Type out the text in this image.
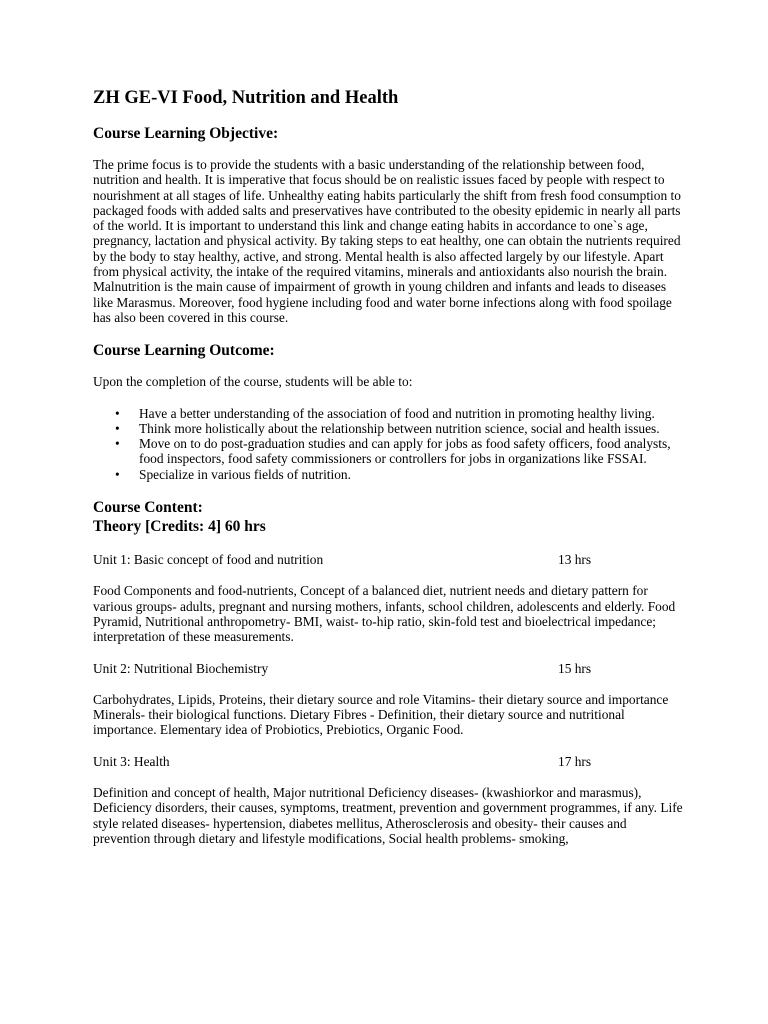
ZH GE-VI Food, Nutrition and Health
Course Learning Objective:

The prime focus is to provide the students with a basic understanding of the relationship between food, nutrition and health. It is imperative that focus should be on realistic issues faced by people with respect to nourishment at all stages of life. Unhealthy eating habits particularly the shift from fresh food consumption to packaged foods with added salts and preservatives have contributed to the obesity epidemic in nearly all parts of the world. It is important to understand this link and change eating habits in accordance to one`s age, pregnancy, lactation and physical activity. By taking steps to eat healthy, one can obtain the nutrients required by the body to stay healthy, active, and strong. Mental health is also affected largely by our lifestyle. Apart from physical activity, the intake of the required vitamins, minerals and antioxidants also nourish the brain. Malnutrition is the main cause of impairment of growth in young children and infants and leads to diseases like Marasmus. Moreover, food hygiene including food and water borne infections along with food spoilage has also been covered in this course.

Course Learning Outcome:

Upon the completion of the course, students will be able to:

• Have a better understanding of the association of food and nutrition in promoting healthy living.
• Think more holistically about the relationship between nutrition science, social and health issues.
• Move on to do post-graduation studies and can apply for jobs as food safety officers, food analysts, food inspectors, food safety commissioners or controllers for jobs in organizations like FSSAI.
• Specialize in various fields of nutrition.
Course Content:
Theory [Credits: 4] 60 hrs
Unit 1: Basic concept of food and nutrition	13 hrs

Food Components and food-nutrients, Concept of a balanced diet, nutrient needs and dietary pattern for various groups- adults, pregnant and nursing mothers, infants, school children, adolescents and elderly. Food Pyramid, Nutritional anthropometry- BMI, waist- to-hip ratio, skin-fold test and bioelectrical impedance; interpretation of these measurements.

Unit 2: Nutritional Biochemistry	15 hrs

Carbohydrates, Lipids, Proteins, their dietary source and role Vitamins- their dietary source and importance Minerals- their biological functions. Dietary Fibres - Definition, their dietary source and nutritional importance. Elementary idea of Probiotics, Prebiotics, Organic Food.

Unit 3: Health	17 hrs

Definition and concept of health, Major nutritional Deficiency diseases- (kwashiorkor and marasmus), Deficiency disorders, their causes, symptoms, treatment, prevention and government programmes, if any. Life style related diseases- hypertension, diabetes mellitus, Atherosclerosis and obesity- their causes and prevention through dietary and lifestyle modifications, Social health problems- smoking,
